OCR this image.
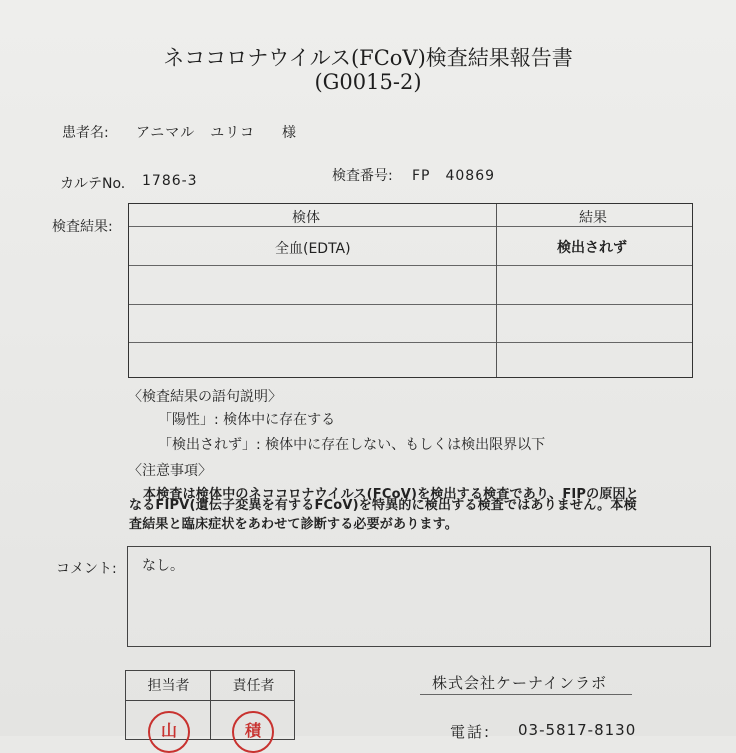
ネココロナウイルス(FCoV)検査結果報告書
(G0015-2)
患者名: アニマル　ユリコ 様
カルテNo. 1786-3	検査番号: FP　40869
検査結果:
検体	結果
全血(EDTA)	検出されず
〈検査結果の語句説明〉
「陽性」: 検体中に存在する
「検出されず」: 検体中に存在しない、もしくは検出限界以下
〈注意事項〉
本検査は検体中のネココロナウイルス(FCoV)を検出する検査であり、FIPの原因と
なるFIPV(遺伝子変異を有するFCoV)を特異的に検出する検査ではありません。本検
査結果と臨床症状をあわせて診断する必要があります。
コメント: なし。
担当者	責任者
山	積
株式会社ケーナインラボ
電話: 03-5817-8130
